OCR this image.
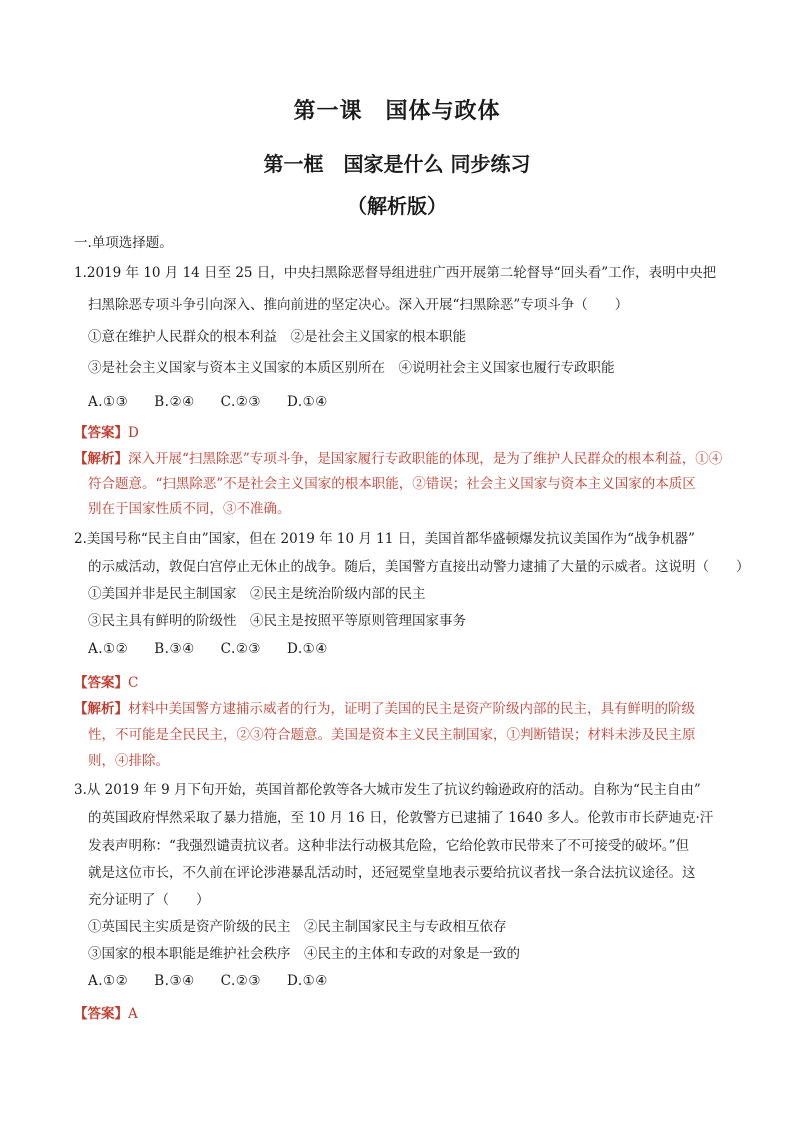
第一课　国体与政体
第一框　国家是什么 同步练习
（解析版）
一.单项选择题。
1.2019 年 10 月 14 日至 25 日，中央扫黑除恶督导组进驻广西开展第二轮督导“回头看”工作，表明中央把
扫黑除恶专项斗争引向深入、推向前进的坚定决心。深入开展“扫黑除恶”专项斗争（　　）
①意在维护人民群众的根本利益　②是社会主义国家的根本职能
③是社会主义国家与资本主义国家的本质区别所在　④说明社会主义国家也履行专政职能
A.①③ B.②④ C.②③ D.①④
【答案】D
【解析】深入开展“扫黑除恶”专项斗争，是国家履行专政职能的体现，是为了维护人民群众的根本利益，①④
符合题意。“扫黑除恶”不是社会主义国家的根本职能，②错误；社会主义国家与资本主义国家的本质区
别在于国家性质不同，③不准确。
2.美国号称“民主自由”国家，但在 2019 年 10 月 11 日，美国首都华盛顿爆发抗议美国作为“战争机器”
的示威活动，敦促白宫停止无休止的战争。随后，美国警方直接出动警力逮捕了大量的示威者。这说明（　　）
①美国并非是民主制国家　②民主是统治阶级内部的民主
③民主具有鲜明的阶级性　④民主是按照平等原则管理国家事务
A.①② B.③④ C.②③ D.①④
【答案】C
【解析】材料中美国警方逮捕示威者的行为，证明了美国的民主是资产阶级内部的民主，具有鲜明的阶级
性，不可能是全民民主，②③符合题意。美国是资本主义民主制国家，①判断错误；材料未涉及民主原
则，④排除。
3.从 2019 年 9 月下旬开始，英国首都伦敦等各大城市发生了抗议约翰逊政府的活动。自称为“民主自由”
的英国政府悍然采取了暴力措施，至 10 月 16 日，伦敦警方已逮捕了 1640 多人。伦敦市市长萨迪克·汗
发表声明称：“我强烈谴责抗议者。这种非法行动极其危险，它给伦敦市民带来了不可接受的破坏。”但
就是这位市长，不久前在评论涉港暴乱活动时，还冠冕堂皇地表示要给抗议者找一条合法抗议途径。这
充分证明了（　　）
①英国民主实质是资产阶级的民主　②民主制国家民主与专政相互依存
③国家的根本职能是维护社会秩序　④民主的主体和专政的对象是一致的
A.①② B.③④ C.②③ D.①④
【答案】A
